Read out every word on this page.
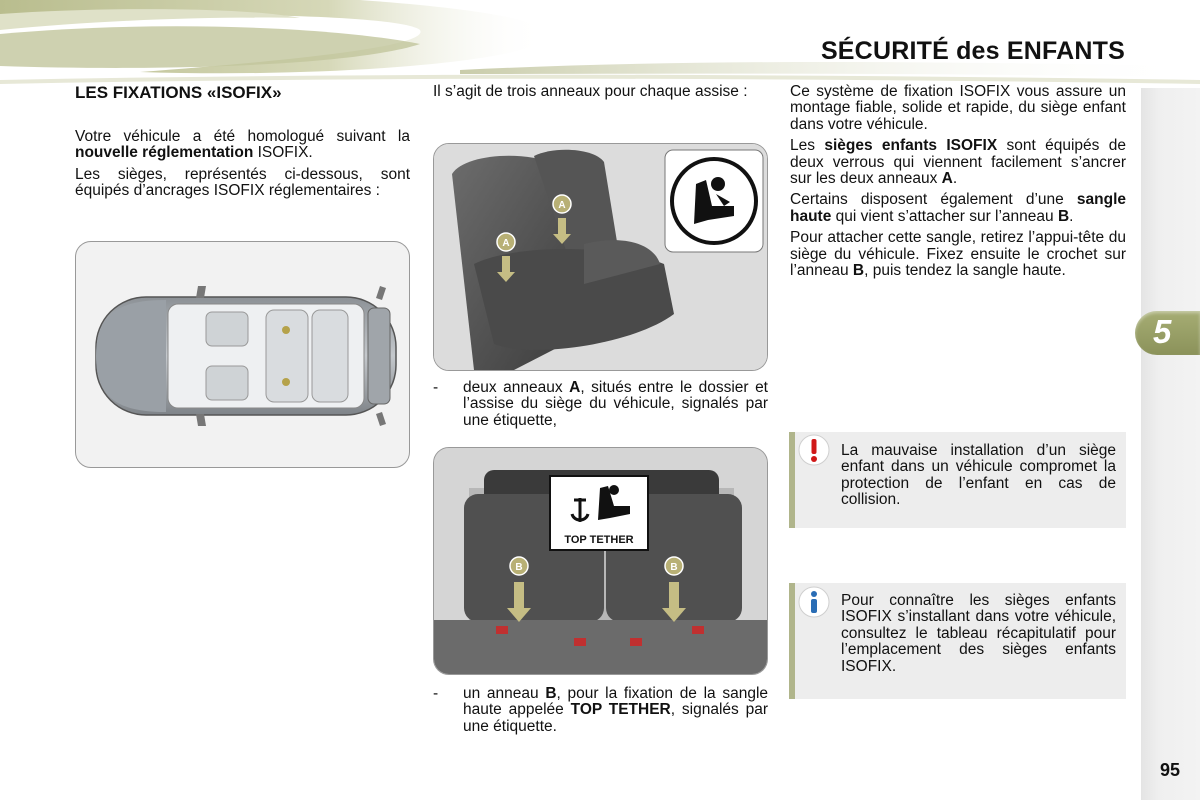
SÉCURITÉ des ENFANTS
5
LES FIXATIONS «ISOFIX»

Votre véhicule a été homologué suivant la nouvelle réglementation ISOFIX.

Les sièges, représentés ci-dessous, sont équipés d’ancrages ISOFIX réglementaires :

Il s’agit de trois anneaux pour chaque assise :

A
A
- deux anneaux A, situés entre le dossier et l’assise du siège du véhicule, signalés par une étiquette,
B	B
TOP TETHER
- un anneau B, pour la fixation de la sangle haute appelée TOP TETHER, signalés par une étiquette.

Ce système de fixation ISOFIX vous assure un montage fiable, solide et rapide, du siège enfant dans votre véhicule.

Les sièges enfants ISOFIX sont équipés de deux verrous qui viennent facilement s’ancrer sur les deux anneaux A.

Certains disposent également d’une sangle haute qui vient s’attacher sur l’anneau B.

Pour attacher cette sangle, retirez l’appui-tête du siège du véhicule. Fixez ensuite le crochet sur l’anneau B, puis tendez la sangle haute.

La mauvaise installation d’un siège enfant dans un véhicule compromet la protection de l’enfant en cas de collision.
Pour connaître les sièges enfants ISOFIX s’installant dans votre véhicule, consultez le tableau récapitulatif pour l’emplacement des sièges enfants ISOFIX.
95
